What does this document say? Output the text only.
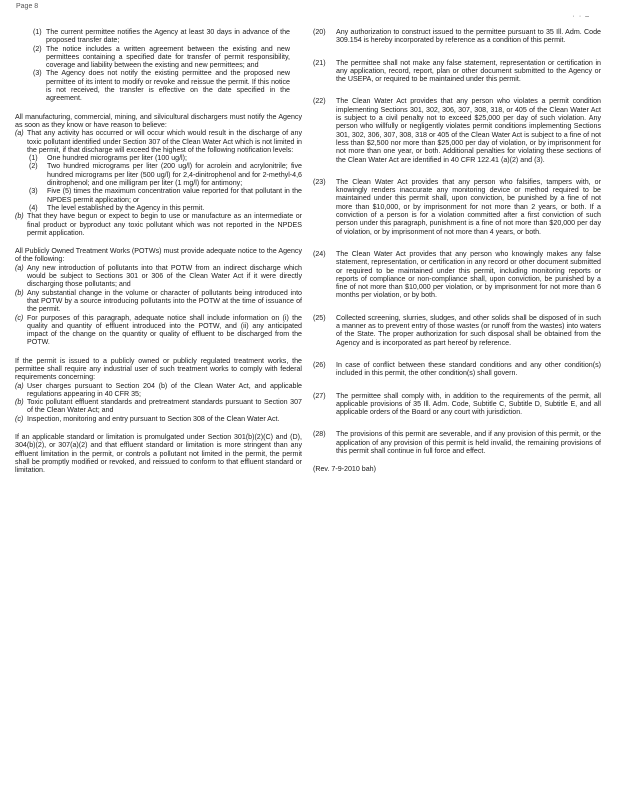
Page 8
· · –
(1) The current permittee notifies the Agency at least 30 days in advance of the proposed transfer date;
(2) The notice includes a written agreement between the existing and new permittees containing a specified date for transfer of permit responsibility, coverage and liability between the existing and new permittees; and
(3) The Agency does not notify the existing permittee and the proposed new permittee of its intent to modify or revoke and reissue the permit. If this notice is not received, the transfer is effective on the date specified in the agreement.
All manufacturing, commercial, mining, and silvicultural dischargers must notify the Agency as soon as they know or have reason to believe:
(a) That any activity has occurred or will occur which would result in the discharge of any toxic pollutant identified under Section 307 of the Clean Water Act which is not limited in the permit, if that discharge will exceed the highest of the following notification levels:
(1)	One hundred micrograms per liter (100 ug/l);
(2)	Two hundred micrograms per liter (200 ug/l) for acrolein and acrylonitrile; five hundred micrograms per liter (500 ug/l) for 2,4-dinitrophenol and for 2-methyl-4,6 dinitrophenol; and one milligram per liter (1 mg/l) for antimony;
(3)	Five (5) times the maximum concentration value reported for that pollutant in the NPDES permit application; or
(4)	The level established by the Agency in this permit.
(b) That they have begun or expect to begin to use or manufacture as an intermediate or final product or byproduct any toxic pollutant which was not reported in the NPDES permit application.
All Publicly Owned Treatment Works (POTWs) must provide adequate notice to the Agency of the following:
(a) Any new introduction of pollutants into that POTW from an indirect discharge which would be subject to Sections 301 or 306 of the Clean Water Act if it were directly discharging those pollutants; and
(b) Any substantial change in the volume or character of pollutants being introduced into that POTW by a source introducing pollutants into the POTW at the time of issuance of the permit.
(c) For purposes of this paragraph, adequate notice shall include information on (i) the quality and quantity of effluent introduced into the POTW, and (ii) any anticipated impact of the change on the quantity or quality of effluent to be discharged from the POTW.
If the permit is issued to a publicly owned or publicly regulated treatment works, the permittee shall require any industrial user of such treatment works to comply with federal requirements concerning:
(a) User charges pursuant to Section 204 (b) of the Clean Water Act, and applicable regulations appearing in 40 CFR 35;
(b) Toxic pollutant effluent standards and pretreatment standards pursuant to Section 307 of the Clean Water Act; and
(c) Inspection, monitoring and entry pursuant to Section 308 of the Clean Water Act.
If an applicable standard or limitation is promulgated under Section 301(b)(2)(C) and (D), 304(b)(2), or 307(a)(2) and that effluent standard or limitation is more stringent than any effluent limitation in the permit, or controls a pollutant not limited in the permit, the permit shall be promptly modified or revoked, and reissued to conform to that effluent standard or limitation.
(20)	Any authorization to construct issued to the permittee pursuant to 35 Ill. Adm. Code 309.154 is hereby incorporated by reference as a condition of this permit.
(21)	The permittee shall not make any false statement, representation or certification in any application, record, report, plan or other document submitted to the Agency or the USEPA, or required to be maintained under this permit.
(22)	The Clean Water Act provides that any person who violates a permit condition implementing Sections 301, 302, 306, 307, 308, 318, or 405 of the Clean Water Act is subject to a civil penalty not to exceed $25,000 per day of such violation. Any person who willfully or negligently violates permit conditions implementing Sections 301, 302, 306, 307, 308, 318 or 405 of the Clean Water Act is subject to a fine of not less than $2,500 nor more than $25,000 per day of violation, or by imprisonment for not more than one year, or both. Additional penalties for violating these sections of the Clean Water Act are identified in 40 CFR 122.41 (a)(2) and (3).
(23)	The Clean Water Act provides that any person who falsifies, tampers with, or knowingly renders inaccurate any monitoring device or method required to be maintained under this permit shall, upon conviction, be punished by a fine of not more than $10,000, or by imprisonment for not more than 2 years, or both. If a conviction of a person is for a violation committed after a first conviction of such person under this paragraph, punishment is a fine of not more than $20,000 per day of violation, or by imprisonment of not more than 4 years, or both.
(24)	The Clean Water Act provides that any person who knowingly makes any false statement, representation, or certification in any record or other document submitted or required to be maintained under this permit, including monitoring reports or reports of compliance or non-compliance shall, upon conviction, be punished by a fine of not more than $10,000 per violation, or by imprisonment for not more than 6 months per violation, or by both.
(25)	Collected screening, slurries, sludges, and other solids shall be disposed of in such a manner as to prevent entry of those wastes (or runoff from the wastes) into waters of the State. The proper authorization for such disposal shall be obtained from the Agency and is incorporated as part hereof by reference.
(26)	In case of conflict between these standard conditions and any other condition(s) included in this permit, the other condition(s) shall govern.
(27)	The permittee shall comply with, in addition to the requirements of the permit, all applicable provisions of 35 Ill. Adm. Code, Subtitle C, Subtitle D, Subtitle E, and all applicable orders of the Board or any court with jurisdiction.
(28)	The provisions of this permit are severable, and if any provision of this permit, or the application of any provision of this permit is held invalid, the remaining provisions of this permit shall continue in full force and effect.
(Rev. 7-9-2010 bah)
